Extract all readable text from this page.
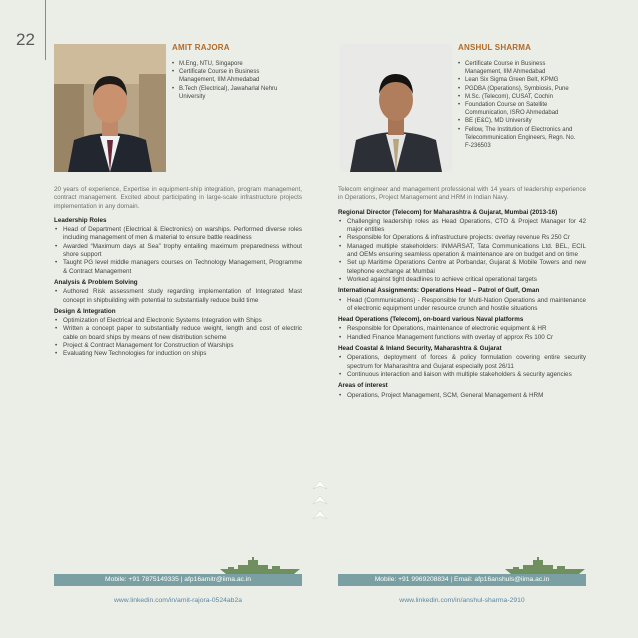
22	AMIT RAJORA
• M.Eng, NTU, Singapore
• Certificate Course in Business Management, IIM Ahmedabad
• B.Tech (Electrical), Jawaharlal Nehru University

20 years of experience, Expertise in equipment-ship integration, program management, contract management. Excited about participating in large-scale infrastructure projects implementation in any domain.

Leadership Roles
• Head of Department (Electrical & Electronics) on warships. Performed diverse roles including management of men & material to ensure battle readiness
• Awarded “Maximum days at Sea” trophy entailing maximum preparedness without shore support
• Taught PG level middle managers courses on Technology Management, Programme & Contract Management
Analysis & Problem Solving
• Authored Risk assessment study regarding implementation of Integrated Mast concept in shipbuilding with potential to substantially reduce build time
Design & Integration
• Optimization of Electrical and Electronic Systems Integration with Ships
• Written a concept paper to substantially reduce weight, length and cost of electric cable on board ships by means of new distribution scheme
• Project & Contract Management for Construction of Warships
• Evaluating New Technologies for induction on ships
ANSHUL SHARMA
• Certificate Course in Business Management, IIM Ahmedabad
• Lean Six Sigma Green Belt, KPMG
• PGDBA (Operations), Symbiosis, Pune
• M.Sc. (Telecom), CUSAT, Cochin
• Foundation Course on Satellite Communication, ISRO Ahmedabad
• BE (E&C), MD University
• Fellow, The Institution of Electronics and Telecommunication Engineers, Regn. No. F-236503

Telecom engineer and management professional with 14 years of leadership experience in Operations, Project Management and HRM in Indian Navy.

Regional Director (Telecom) for Maharashtra & Gujarat, Mumbai (2013-16)
• Challenging leadership roles as Head Operations, CTO & Project Manager for 42 major entities
• Responsible for Operations & infrastructure projects: overlay revenue Rs 250 Cr
• Managed multiple stakeholders: INMARSAT, Tata Communications Ltd. BEL, ECIL and OEMs ensuring seamless operation & maintenance are on budget and on time
• Set up Maritime Operations Centre at Porbandar, Gujarat & Mobile Towers and new telephone exchange at Mumbai
• Worked against tight deadlines to achieve critical operational targets
International Assignments: Operations Head – Patrol of Gulf, Oman
• Head (Communications) - Responsible for Multi-Nation Operations and maintenance of electronic equipment under resource crunch and hostile situations
Head Operations (Telecom), on-board various Naval platforms
• Responsible for Operations, maintenance of electronic equipment & HR
• Handled Finance Management functions with overlay of approx Rs 100 Cr
Head Coastal & Inland Security, Maharashtra & Gujarat
• Operations, deployment of forces & policy formulation covering entire security spectrum for Maharashtra and Gujarat especially post 26/11
• Continuous interaction and liaison with multiple stakeholders & security agencies
Areas of interest
• Operations, Project Management, SCM, General Management & HRM
Mobile: +91 7875149335 | afp16amitr@iima.ac.in	Mobile: +91 9969208834 | Email: afp16anshuls@iima.ac.in
www.linkedin.com/in/amit-rajora-0524ab2a	www.linkedin.com/in/anshul-sharma-2910
